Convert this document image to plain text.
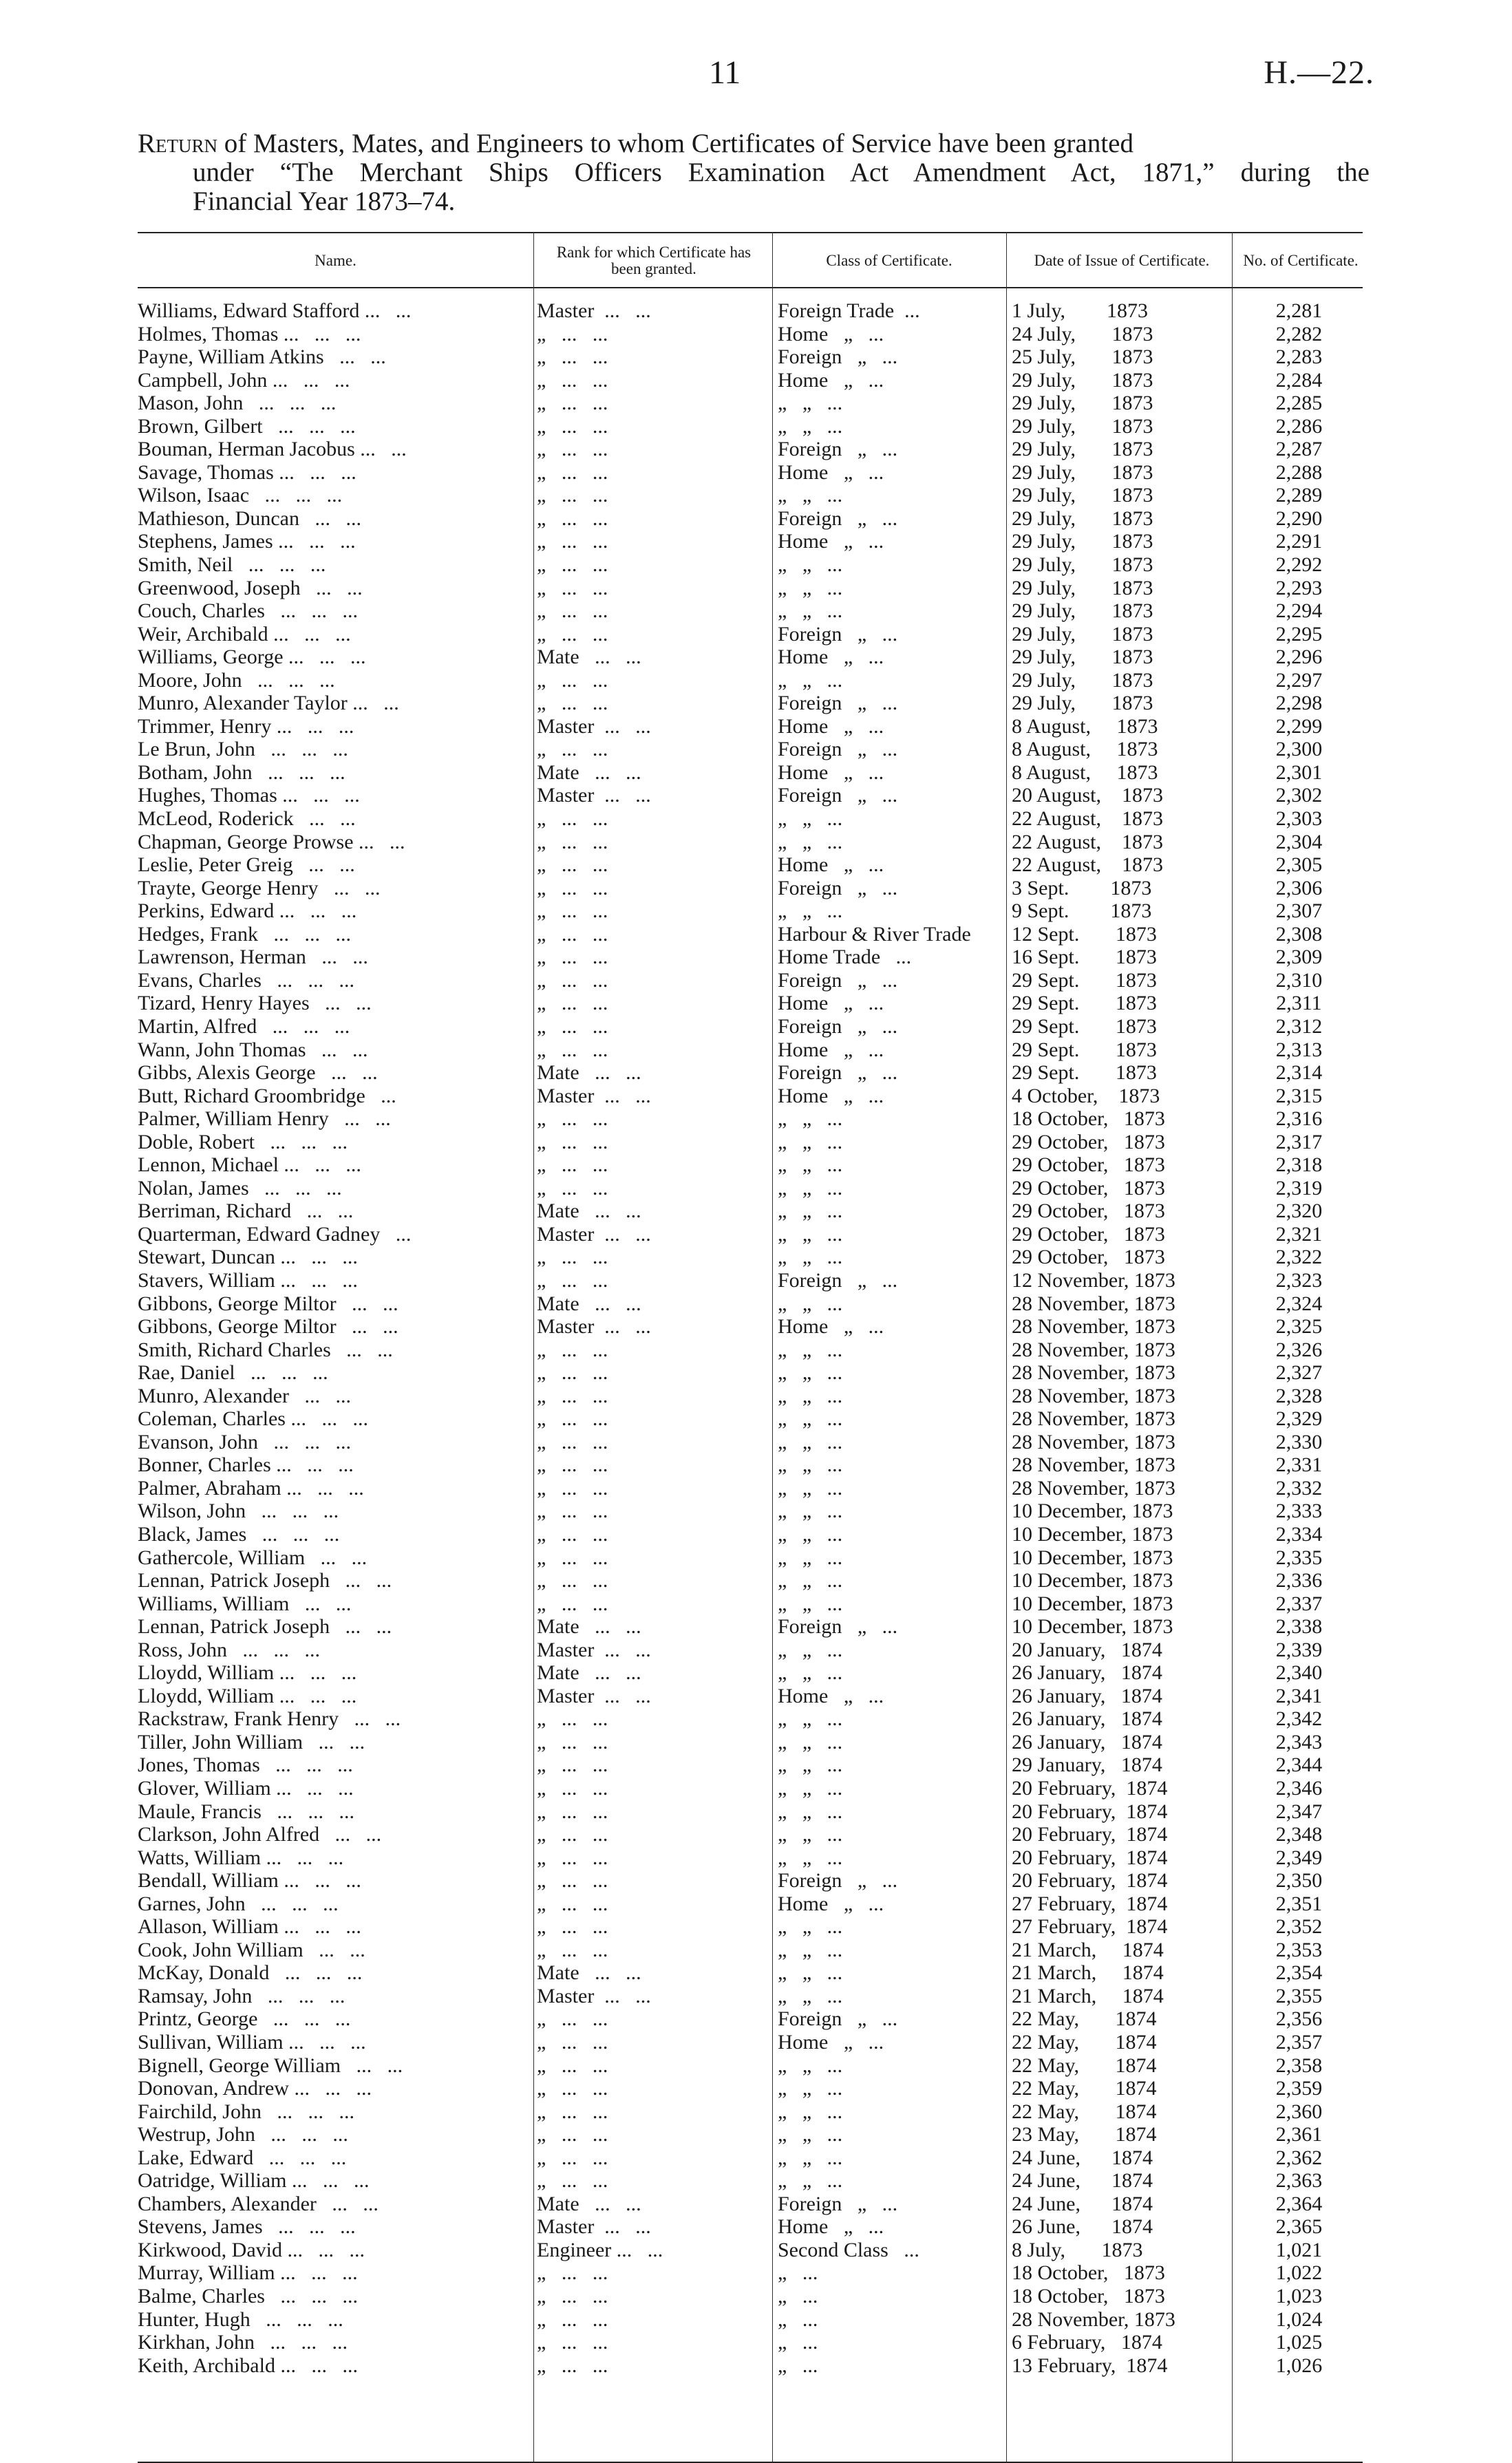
11	H.—22.
Return of Masters, Mates, and Engineers to whom Certificates of Service have been granted
under “The Merchant Ships Officers Examination Act Amendment Act, 1871,” during the
Financial Year 1873–74.
Name.	Rank for which Certificate has been granted.	Class of Certificate.	Date of Issue of Certificate. No. of Certificate.
Williams, Edward Stafford ...   ...	Master  ...   ...	Foreign Trade  ...	1 July,        1873	2,281
Holmes, Thomas ...   ...   ...	„   ...   ...	Home   „   ...	24 July,       1873	2,282
Payne, William Atkins   ...   ...	„   ...   ...	Foreign   „   ...	25 July,       1873	2,283
Campbell, John ...   ...   ...	„   ...   ...	Home   „   ...	29 July,       1873	2,284
Mason, John   ...   ...   ...	„   ...   ...	„   „   ...	29 July,       1873	2,285
Brown, Gilbert   ...   ...   ...	„   ...   ...	„   „   ...	29 July,       1873	2,286
Bouman, Herman Jacobus ...   ...	„   ...   ...	Foreign   „   ...	29 July,       1873	2,287
Savage, Thomas ...   ...   ...	„   ...   ...	Home   „   ...	29 July,       1873	2,288
Wilson, Isaac   ...   ...   ...	„   ...   ...	„   „   ...	29 July,       1873	2,289
Mathieson, Duncan   ...   ...	„   ...   ...	Foreign   „   ...	29 July,       1873	2,290
Stephens, James ...   ...   ...	„   ...   ...	Home   „   ...	29 July,       1873	2,291
Smith, Neil   ...   ...   ...	„   ...   ...	„   „   ...	29 July,       1873	2,292
Greenwood, Joseph   ...   ...	„   ...   ...	„   „   ...	29 July,       1873	2,293
Couch, Charles   ...   ...   ...	„   ...   ...	„   „   ...	29 July,       1873	2,294
Weir, Archibald ...   ...   ...	„   ...   ...	Foreign   „   ...	29 July,       1873	2,295
Williams, George ...   ...   ...	Mate   ...   ...	Home   „   ...	29 July,       1873	2,296
Moore, John   ...   ...   ...	„   ...   ...	„   „   ...	29 July,       1873	2,297
Munro, Alexander Taylor ...   ...	„   ...   ...	Foreign   „   ...	29 July,       1873	2,298
Trimmer, Henry ...   ...   ...	Master  ...   ...	Home   „   ...	8 August,     1873	2,299
Le Brun, John   ...   ...   ...	„   ...   ...	Foreign   „   ...	8 August,     1873	2,300
Botham, John   ...   ...   ...	Mate   ...   ...	Home   „   ...	8 August,     1873	2,301
Hughes, Thomas ...   ...   ...	Master  ...   ...	Foreign   „   ...	20 August,    1873	2,302
McLeod, Roderick   ...   ...	„   ...   ...	„   „   ...	22 August,    1873	2,303
Chapman, George Prowse ...   ...	„   ...   ...	„   „   ...	22 August,    1873	2,304
Leslie, Peter Greig   ...   ...	„   ...   ...	Home   „   ...	22 August,    1873	2,305
Trayte, George Henry   ...   ...	„   ...   ...	Foreign   „   ...	3 Sept.        1873	2,306
Perkins, Edward ...   ...   ...	„   ...   ...	„   „   ...	9 Sept.        1873	2,307
Hedges, Frank   ...   ...   ...	„   ...   ...	Harbour & River Trade	12 Sept.       1873	2,308
Lawrenson, Herman   ...   ...	„   ...   ...	Home Trade   ...	16 Sept.       1873	2,309
Evans, Charles   ...   ...   ...	„   ...   ...	Foreign   „   ...	29 Sept.       1873	2,310
Tizard, Henry Hayes   ...   ...	„   ...   ...	Home   „   ...	29 Sept.       1873	2,311
Martin, Alfred   ...   ...   ...	„   ...   ...	Foreign   „   ...	29 Sept.       1873	2,312
Wann, John Thomas   ...   ...	„   ...   ...	Home   „   ...	29 Sept.       1873	2,313
Gibbs, Alexis George   ...   ...	Mate   ...   ...	Foreign   „   ...	29 Sept.       1873	2,314
Butt, Richard Groombridge   ...	Master  ...   ...	Home   „   ...	4 October,    1873	2,315
Palmer, William Henry   ...   ...	„   ...   ...	„   „   ...	18 October,   1873	2,316
Doble, Robert   ...   ...   ...	„   ...   ...	„   „   ...	29 October,   1873	2,317
Lennon, Michael ...   ...   ...	„   ...   ...	„   „   ...	29 October,   1873	2,318
Nolan, James   ...   ...   ...	„   ...   ...	„   „   ...	29 October,   1873	2,319
Berriman, Richard   ...   ...	Mate   ...   ...	„   „   ...	29 October,   1873	2,320
Quarterman, Edward Gadney   ...	Master  ...   ...	„   „   ...	29 October,   1873	2,321
Stewart, Duncan ...   ...   ...	„   ...   ...	„   „   ...	29 October,   1873	2,322
Stavers, William ...   ...   ...	„   ...   ...	Foreign   „   ...	12 November, 1873	2,323
Gibbons, George Miltor   ...   ...	Mate   ...   ...	„   „   ...	28 November, 1873	2,324
Gibbons, George Miltor   ...   ...	Master  ...   ...	Home   „   ...	28 November, 1873	2,325
Smith, Richard Charles   ...   ...	„   ...   ...	„   „   ...	28 November, 1873	2,326
Rae, Daniel   ...   ...   ...	„   ...   ...	„   „   ...	28 November, 1873	2,327
Munro, Alexander   ...   ...	„   ...   ...	„   „   ...	28 November, 1873	2,328
Coleman, Charles ...   ...   ...	„   ...   ...	„   „   ...	28 November, 1873	2,329
Evanson, John   ...   ...   ...	„   ...   ...	„   „   ...	28 November, 1873	2,330
Bonner, Charles ...   ...   ...	„   ...   ...	„   „   ...	28 November, 1873	2,331
Palmer, Abraham ...   ...   ...	„   ...   ...	„   „   ...	28 November, 1873	2,332
Wilson, John   ...   ...   ...	„   ...   ...	„   „   ...	10 December, 1873	2,333
Black, James   ...   ...   ...	„   ...   ...	„   „   ...	10 December, 1873	2,334
Gathercole, William   ...   ...	„   ...   ...	„   „   ...	10 December, 1873	2,335
Lennan, Patrick Joseph   ...   ...	„   ...   ...	„   „   ...	10 December, 1873	2,336
Williams, William   ...   ...	„   ...   ...	„   „   ...	10 December, 1873	2,337
Lennan, Patrick Joseph   ...   ...	Mate   ...   ...	Foreign   „   ...	10 December, 1873	2,338
Ross, John   ...   ...   ...	Master  ...   ...	„   „   ...	20 January,   1874	2,339
Lloydd, William ...   ...   ...	Mate   ...   ...	„   „   ...	26 January,   1874	2,340
Lloydd, William ...   ...   ...	Master  ...   ...	Home   „   ...	26 January,   1874	2,341
Rackstraw, Frank Henry   ...   ...	„   ...   ...	„   „   ...	26 January,   1874	2,342
Tiller, John William   ...   ...	„   ...   ...	„   „   ...	26 January,   1874	2,343
Jones, Thomas   ...   ...   ...	„   ...   ...	„   „   ...	29 January,   1874	2,344
Glover, William ...   ...   ...	„   ...   ...	„   „   ...	20 February,  1874	2,346
Maule, Francis   ...   ...   ...	„   ...   ...	„   „   ...	20 February,  1874	2,347
Clarkson, John Alfred   ...   ...	„   ...   ...	„   „   ...	20 February,  1874	2,348
Watts, William ...   ...   ...	„   ...   ...	„   „   ...	20 February,  1874	2,349
Bendall, William ...   ...   ...	„   ...   ...	Foreign   „   ...	20 February,  1874	2,350
Garnes, John   ...   ...   ...	„   ...   ...	Home   „   ...	27 February,  1874	2,351
Allason, William ...   ...   ...	„   ...   ...	„   „   ...	27 February,  1874	2,352
Cook, John William   ...   ...	„   ...   ...	„   „   ...	21 March,     1874	2,353
McKay, Donald   ...   ...   ...	Mate   ...   ...	„   „   ...	21 March,     1874	2,354
Ramsay, John   ...   ...   ...	Master  ...   ...	„   „   ...	21 March,     1874	2,355
Printz, George   ...   ...   ...	„   ...   ...	Foreign   „   ...	22 May,       1874	2,356
Sullivan, William ...   ...   ...	„   ...   ...	Home   „   ...	22 May,       1874	2,357
Bignell, George William   ...   ...	„   ...   ...	„   „   ...	22 May,       1874	2,358
Donovan, Andrew ...   ...   ...	„   ...   ...	„   „   ...	22 May,       1874	2,359
Fairchild, John   ...   ...   ...	„   ...   ...	„   „   ...	22 May,       1874	2,360
Westrup, John   ...   ...   ...	„   ...   ...	„   „   ...	23 May,       1874	2,361
Lake, Edward   ...   ...   ...	„   ...   ...	„   „   ...	24 June,      1874	2,362
Oatridge, William ...   ...   ...	„   ...   ...	„   „   ...	24 June,      1874	2,363
Chambers, Alexander   ...   ...	Mate   ...   ...	Foreign   „   ...	24 June,      1874	2,364
Stevens, James   ...   ...   ...	Master  ...   ...	Home   „   ...	26 June,      1874	2,365
Kirkwood, David ...   ...   ...	Engineer ...   ...	Second Class   ...	8 July,       1873	1,021
Murray, William ...   ...   ...	„   ...   ...	„   ...	18 October,   1873	1,022
Balme, Charles   ...   ...   ...	„   ...   ...	„   ...	18 October,   1873	1,023
Hunter, Hugh   ...   ...   ...	„   ...   ...	„   ...	28 November, 1873	1,024
Kirkhan, John   ...   ...   ...	„   ...   ...	„   ...	6 February,   1874	1,025
Keith, Archibald ...   ...   ...	„   ...   ...	„   ...	13 February,  1874	1,026
